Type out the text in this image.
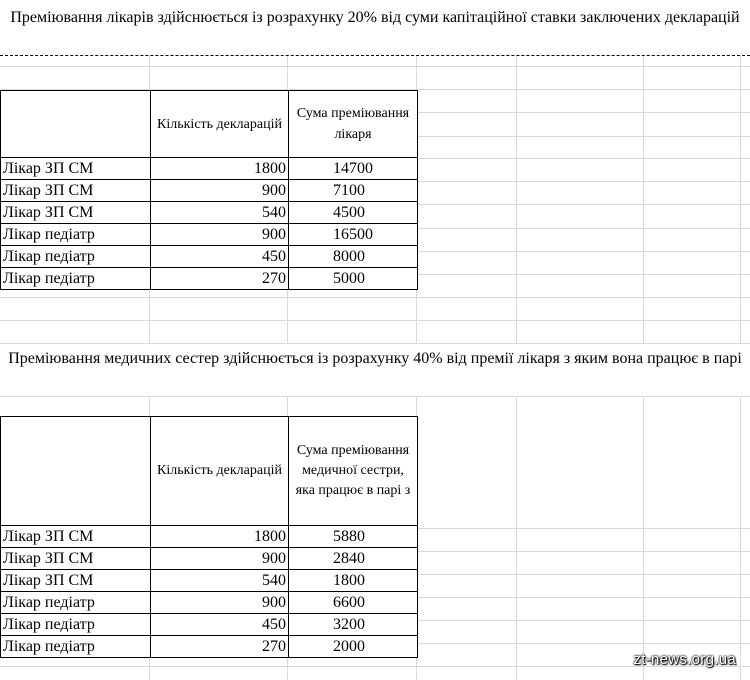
Преміювання лікарів здійснюється із розрахунку 20% від суми капітаційної ставки заключених декларацій
	Кількість декларацій	Сума преміювання лікаря
Лікар ЗП СМ	1800	14700
Лікар ЗП СМ	900	7100
Лікар ЗП СМ	540	4500
Лікар педіатр	900	16500
Лікар педіатр	450	8000
Лікар педіатр	270	5000
Преміювання медичних сестер здійснюється із розрахунку 40% від премії лікаря з яким вона працює в парі
	Кількість декларацій	Сума преміювання медичної сестри, яка працює в парі з
Лікар ЗП СМ	1800	5880
Лікар ЗП СМ	900	2840
Лікар ЗП СМ	540	1800
Лікар педіатр	900	6600
Лікар педіатр	450	3200
Лікар педіатр	270	2000
zt-news.org.ua
